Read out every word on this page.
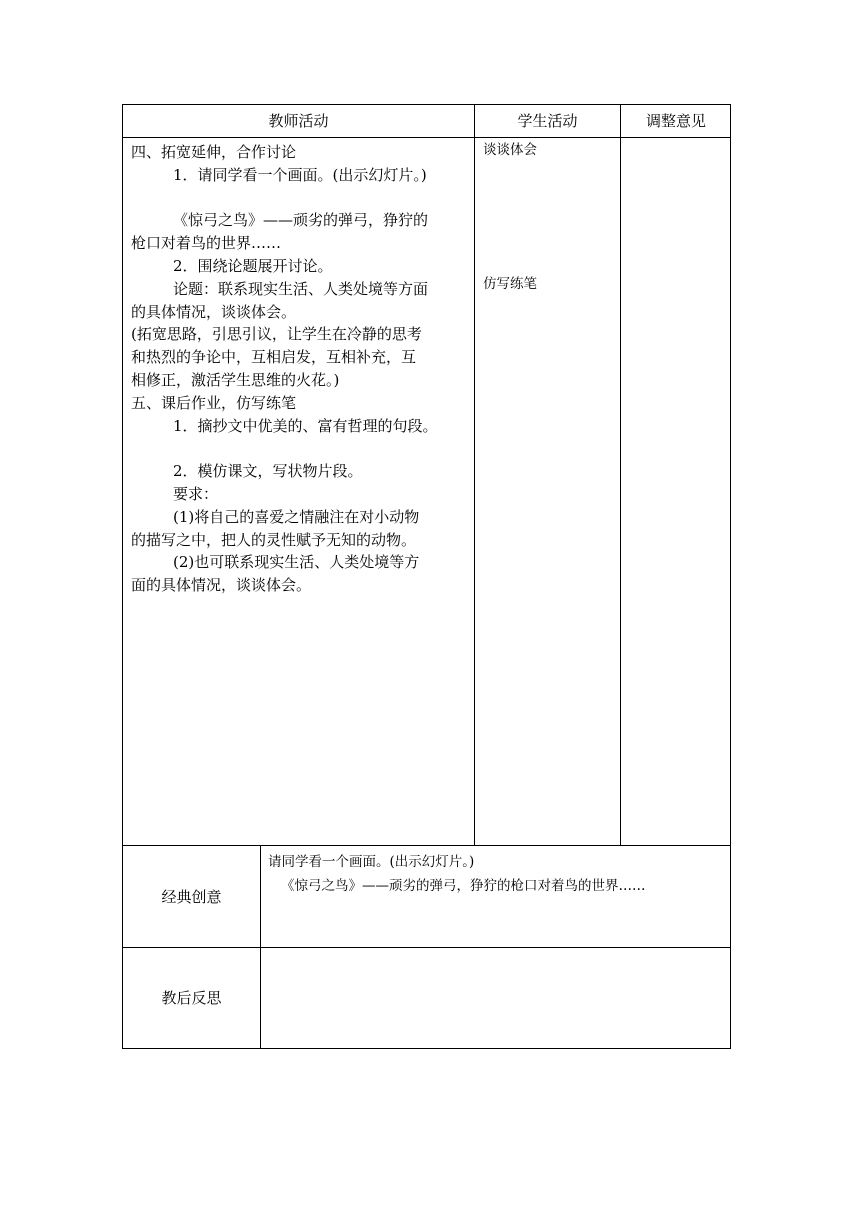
教师活动	学生活动	调整意见

四、拓宽延伸，合作讨论

1．请同学看一个画面。(出示幻灯片。)

《惊弓之鸟》——顽劣的弹弓，狰狞的

枪口对着鸟的世界……

2．围绕论题展开讨论。

论题：联系现实生活、人类处境等方面

的具体情况，谈谈体会。

(拓宽思路，引思引议，让学生在冷静的思考

和热烈的争论中，互相启发，互相补充，互

相修正，激活学生思维的火花。)

五、课后作业，仿写练笔

1．摘抄文中优美的、富有哲理的句段。

2．模仿课文，写状物片段。

要求：

(1)将自己的喜爱之情融注在对小动物

的描写之中，把人的灵性赋予无知的动物。

(2)也可联系现实生活、人类处境等方

面的具体情况，谈谈体会。

谈谈体会
仿写练笔
经典创意

请同学看一个画面。(出示幻灯片。)

《惊弓之鸟》——顽劣的弹弓，狰狞的枪口对着鸟的世界……

教后反思
